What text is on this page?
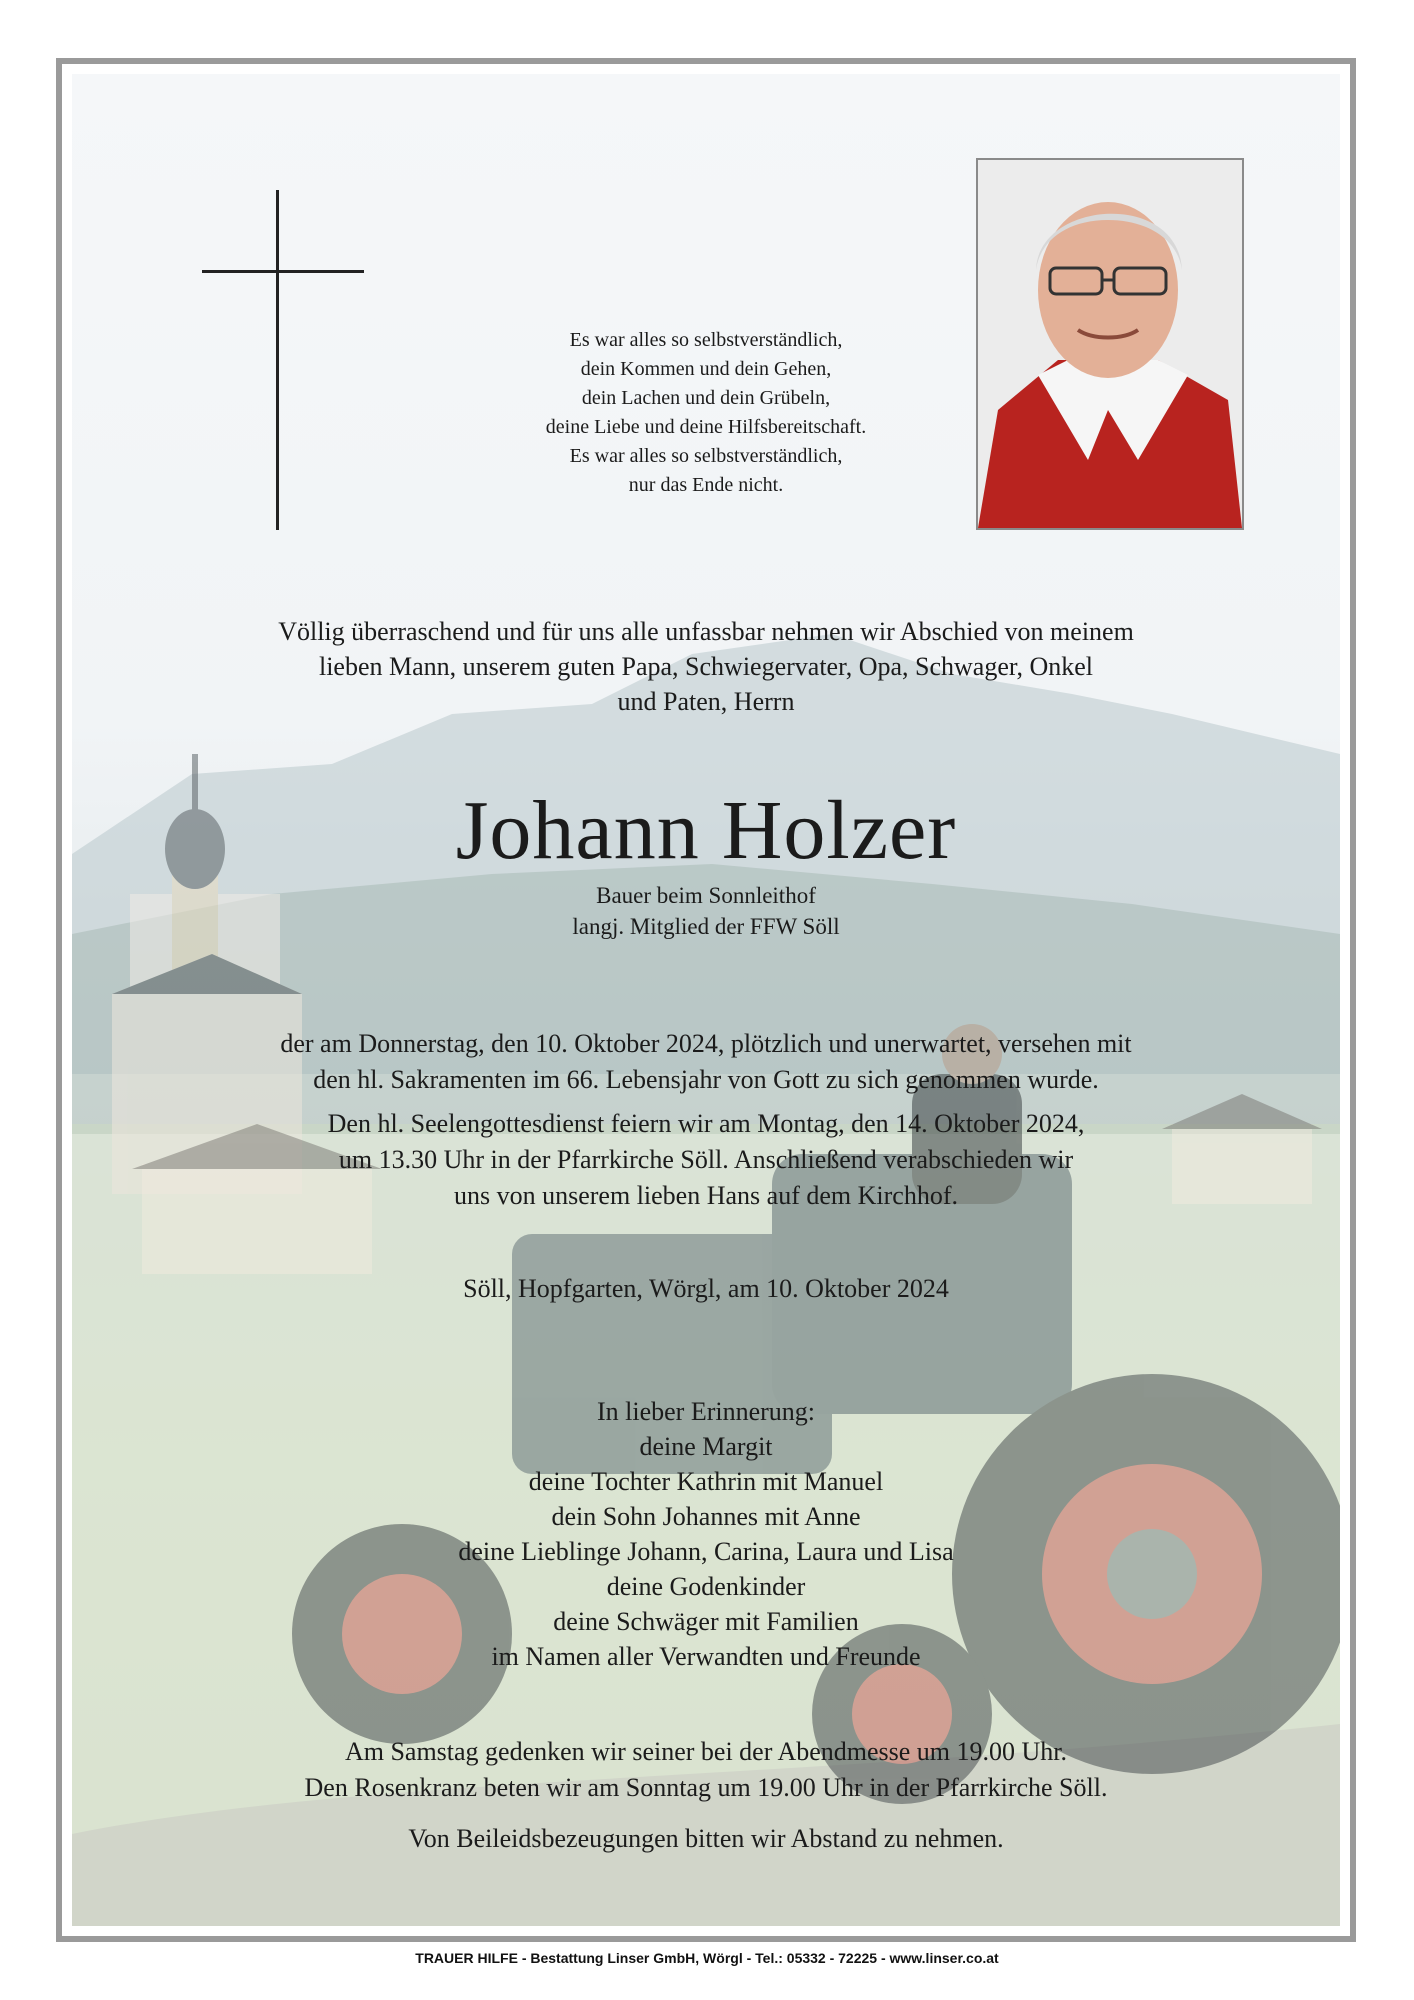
Es war alles so selbstverständlich,
dein Kommen und dein Gehen,
dein Lachen und dein Grübeln,
deine Liebe und deine Hilfsbereitschaft.
Es war alles so selbstverständlich,
nur das Ende nicht.
Völlig überraschend und für uns alle unfassbar nehmen wir Abschied von meinem
lieben Mann, unserem guten Papa, Schwiegervater, Opa, Schwager, Onkel
und Paten, Herrn
Johann Holzer
Bauer beim Sonnleithof
langj. Mitglied der FFW Söll
der am Donnerstag, den 10. Oktober 2024, plötzlich und unerwartet, versehen mit
den hl. Sakramenten im 66. Lebensjahr von Gott zu sich genommen wurde.
Den hl. Seelengottesdienst feiern wir am Montag, den 14. Oktober 2024,
um 13.30 Uhr in der Pfarrkirche Söll. Anschließend verabschieden wir
uns von unserem lieben Hans auf dem Kirchhof.
Söll, Hopfgarten, Wörgl, am 10. Oktober 2024
In lieber Erinnerung:
deine Margit
deine Tochter Kathrin mit Manuel
dein Sohn Johannes mit Anne
deine Lieblinge Johann, Carina, Laura und Lisa
deine Godenkinder
deine Schwäger mit Familien
im Namen aller Verwandten und Freunde
Am Samstag gedenken wir seiner bei der Abendmesse um 19.00 Uhr.
Den Rosenkranz beten wir am Sonntag um 19.00 Uhr in der Pfarrkirche Söll.
Von Beileidsbezeugungen bitten wir Abstand zu nehmen.
TRAUER HILFE - Bestattung Linser GmbH, Wörgl - Tel.: 05332 - 72225 - www.linser.co.at
